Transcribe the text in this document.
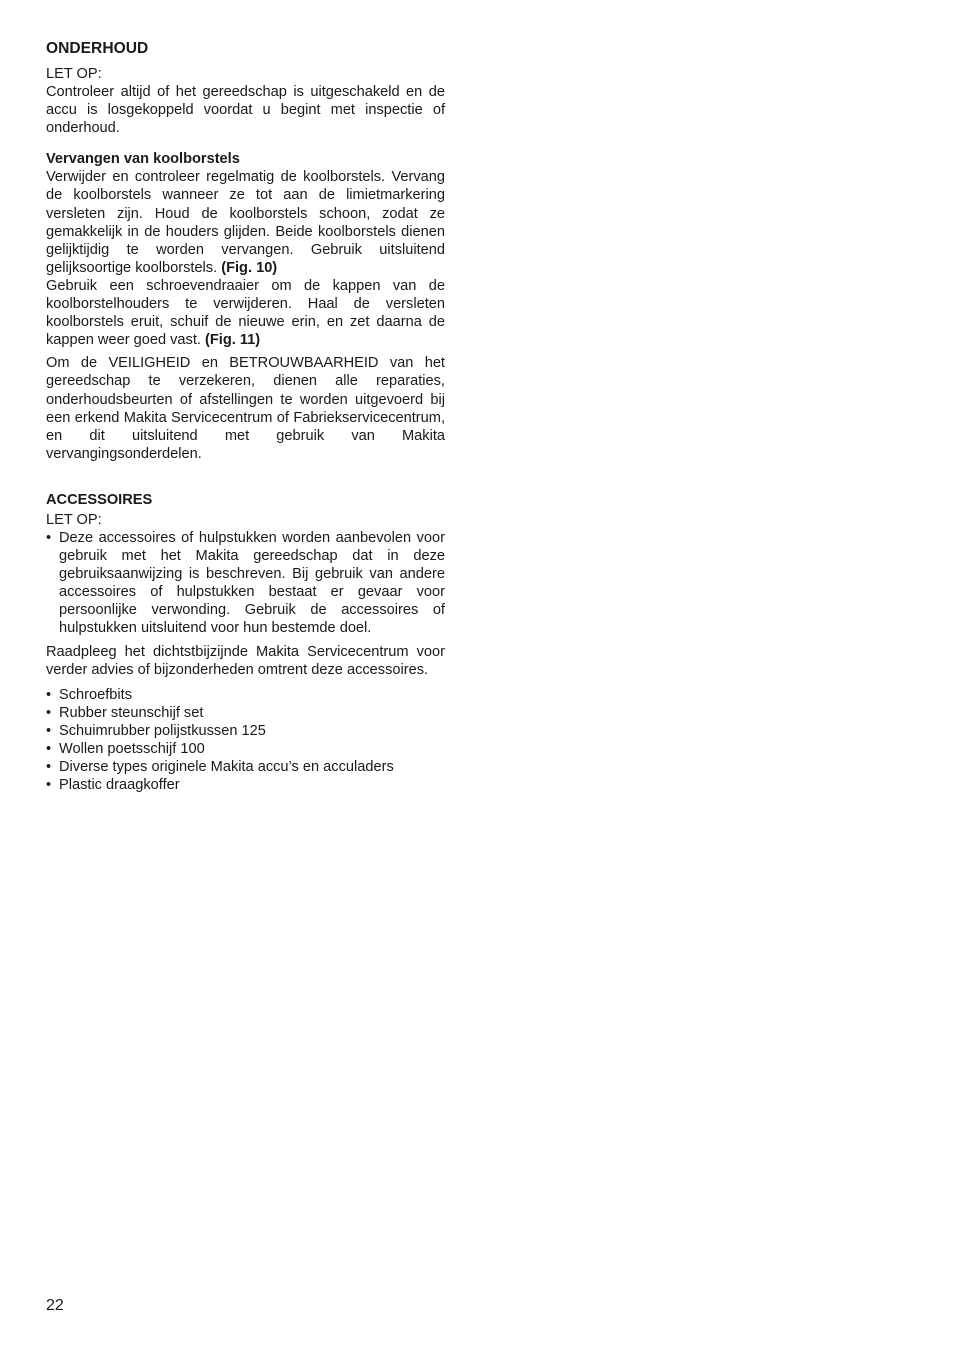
ONDERHOUD

LET OP:

Controleer altijd of het gereedschap is uitgeschakeld en de accu is losgekoppeld voordat u begint met inspectie of onderhoud.

Vervangen van koolborstels

Verwijder en controleer regelmatig de koolborstels. Vervang de koolborstels wanneer ze tot aan de limietmarkering versleten zijn. Houd de koolborstels schoon, zodat ze gemakkelijk in de houders glijden. Beide koolborstels dienen gelijktijdig te worden vervangen. Gebruik uitsluitend gelijksoortige koolborstels. (Fig. 10)

Gebruik een schroevendraaier om de kappen van de koolborstelhouders te verwijderen. Haal de versleten koolborstels eruit, schuif de nieuwe erin, en zet daarna de kappen weer goed vast. (Fig. 11)

Om de VEILIGHEID en BETROUWBAARHEID van het gereedschap te verzekeren, dienen alle reparaties, onderhoudsbeurten of afstellingen te worden uitgevoerd bij een erkend Makita Servicecentrum of Fabriekservicecentrum, en dit uitsluitend met gebruik van Makita vervangingsonderdelen.

ACCESSOIRES

LET OP:

• Deze accessoires of hulpstukken worden aanbevolen voor gebruik met het Makita gereedschap dat in deze gebruiksaanwijzing is beschreven. Bij gebruik van andere accessoires of hulpstukken bestaat er gevaar voor persoonlijke verwonding. Gebruik de accessoires of hulpstukken uitsluitend voor hun bestemde doel.

Raadpleeg het dichtstbijzijnde Makita Servicecentrum voor verder advies of bijzonderheden omtrent deze accessoires.

• Schroefbits
• Rubber steunschijf set
• Schuimrubber polijstkussen 125
• Wollen poetsschijf 100
• Diverse types originele Makita accu’s en acculaders
• Plastic draagkoffer
22
